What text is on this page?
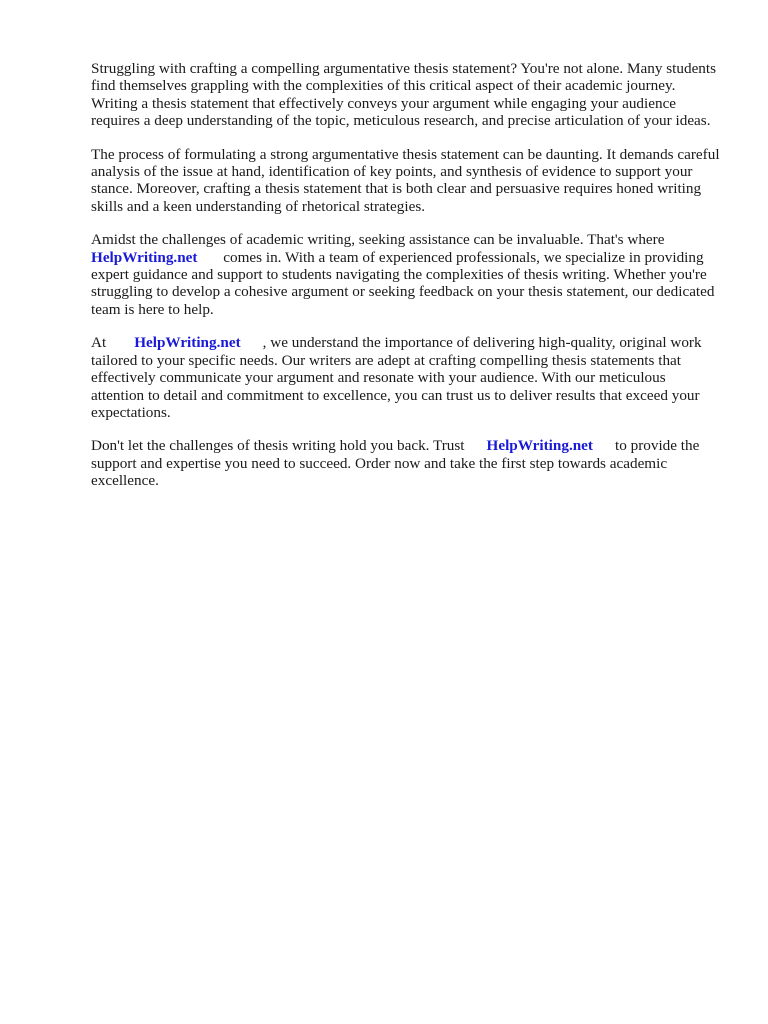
Struggling with crafting a compelling argumentative thesis statement? You're not alone. Many students find themselves grappling with the complexities of this critical aspect of their academic journey. Writing a thesis statement that effectively conveys your argument while engaging your audience requires a deep understanding of the topic, meticulous research, and precise articulation of your ideas.

The process of formulating a strong argumentative thesis statement can be daunting. It demands careful analysis of the issue at hand, identification of key points, and synthesis of evidence to support your stance. Moreover, crafting a thesis statement that is both clear and persuasive requires honed writing skills and a keen understanding of rhetorical strategies.

Amidst the challenges of academic writing, seeking assistance can be invaluable. That's where HelpWriting.net comes in. With a team of experienced professionals, we specialize in providing expert guidance and support to students navigating the complexities of thesis writing. Whether you're struggling to develop a cohesive argument or seeking feedback on your thesis statement, our dedicated team is here to help.

At HelpWriting.net , we understand the importance of delivering high-quality, original work tailored to your specific needs. Our writers are adept at crafting compelling thesis statements that effectively communicate your argument and resonate with your audience. With our meticulous attention to detail and commitment to excellence, you can trust us to deliver results that exceed your expectations.

Don't let the challenges of thesis writing hold you back. Trust HelpWriting.net to provide the support and expertise you need to succeed. Order now and take the first step towards academic excellence.
